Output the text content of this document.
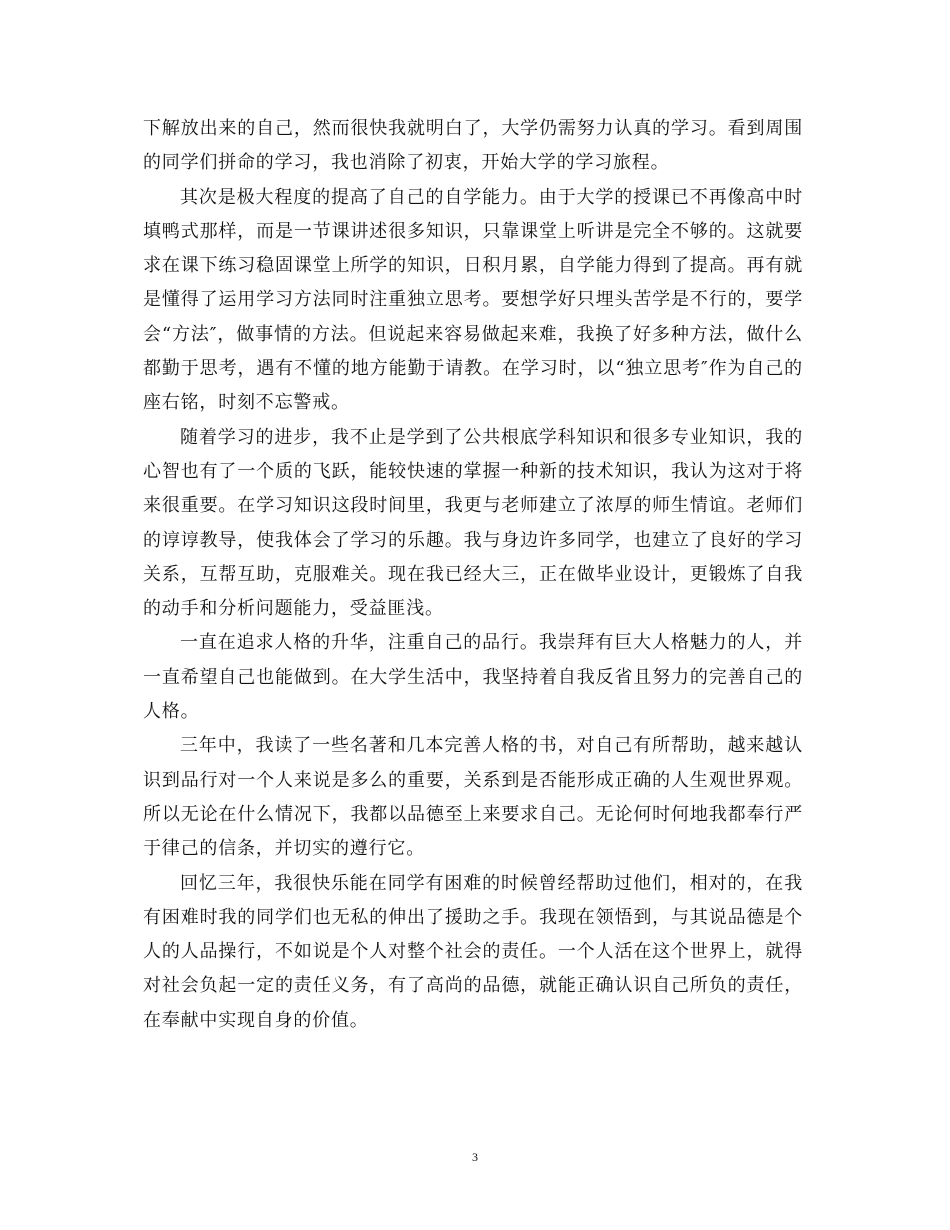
下解放出来的自己，然而很快我就明白了，大学仍需努力认真的学习。看到周围的同学们拼命的学习，我也消除了初衷，开始大学的学习旅程。

其次是极大程度的提高了自己的自学能力。由于大学的授课已不再像高中时填鸭式那样，而是一节课讲述很多知识，只靠课堂上听讲是完全不够的。这就要求在课下练习稳固课堂上所学的知识，日积月累，自学能力得到了提高。再有就是懂得了运用学习方法同时注重独立思考。要想学好只埋头苦学是不行的，要学会“方法″，做事情的方法。但说起来容易做起来难，我换了好多种方法，做什么都勤于思考，遇有不懂的地方能勤于请教。在学习时，以“独立思考″作为自己的座右铭，时刻不忘警戒。

随着学习的进步，我不止是学到了公共根底学科知识和很多专业知识，我的心智也有了一个质的飞跃，能较快速的掌握一种新的技术知识，我认为这对于将来很重要。在学习知识这段时间里，我更与老师建立了浓厚的师生情谊。老师们的谆谆教导，使我体会了学习的乐趣。我与身边许多同学，也建立了良好的学习关系，互帮互助，克服难关。现在我已经大三，正在做毕业设计，更锻炼了自我的动手和分析问题能力，受益匪浅。

一直在追求人格的升华，注重自己的品行。我崇拜有巨大人格魅力的人，并一直希望自己也能做到。在大学生活中，我坚持着自我反省且努力的完善自己的人格。

三年中，我读了一些名著和几本完善人格的书，对自己有所帮助，越来越认识到品行对一个人来说是多么的重要，关系到是否能形成正确的人生观世界观。所以无论在什么情况下，我都以品德至上来要求自己。无论何时何地我都奉行严于律己的信条，并切实的遵行它。

回忆三年，我很快乐能在同学有困难的时候曾经帮助过他们，相对的，在我有困难时我的同学们也无私的伸出了援助之手。我现在领悟到，与其说品德是个人的人品操行，不如说是个人对整个社会的责任。一个人活在这个世界上，就得对社会负起一定的责任义务，有了高尚的品德，就能正确认识自己所负的责任，在奉献中实现自身的价值。

3
